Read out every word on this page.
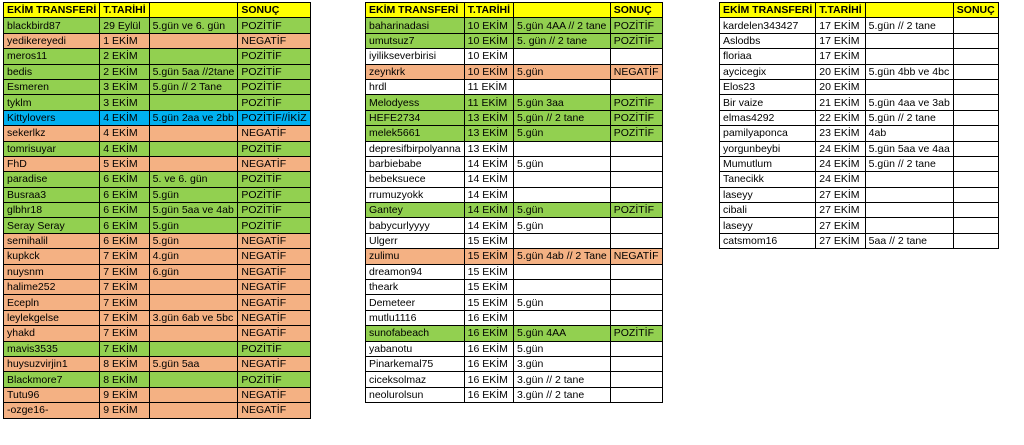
EKİM TRANSFERİ	T.TARİHİ		SONUÇ
blackbird87	29 Eylül	5.gün ve 6. gün	POZİTİF
yedikereyedi	1 EKİM		NEGATİF
meros11	2 EKİM		POZİTİF
bedis	2 EKİM	5.gün 5aa //2tane	POZİTİF
Esmeren	3 EKİM	5.gün // 2 Tane	POZİTİF
tyklm	3 EKİM		POZİTİF
Kittylovers	4 EKİM	5.gün 2aa ve 2bb	POZİTİF//İKİZ
sekerlkz	4 EKİM		NEGATİF
tomrisuyar	4 EKİM		POZİTİF
FhD	5 EKİM		NEGATİF
paradise	6 EKİM	5. ve 6. gün	POZİTİF
Busraa3	6 EKİM	5.gün	POZİTİF
glbhr18	6 EKİM	5.gün 5aa ve 4ab	POZİTİF
Seray Seray	6 EKİM	5.gün	POZİTİF
semihalil	6 EKİM	5.gün	NEGATİF
kupkck	7 EKİM	4.gün	NEGATİF
nuysnm	7 EKİM	6.gün	NEGATİF
halime252	7 EKİM		NEGATİF
Ecepln	7 EKİM		NEGATİF
leylekgelse	7 EKİM	3.gün 6ab ve 5bc	NEGATİF
yhakd	7 EKİM		NEGATİF
mavis3535	7 EKİM		POZİTİF
huysuzvirjin1	8 EKİM	5.gün 5aa	NEGATİF
Blackmore7	8 EKİM		POZİTİF
Tutu96	9 EKİM		NEGATİF
-ozge16-	9 EKİM		NEGATİF
EKİM TRANSFERİ	T.TARİHİ		SONUÇ
baharinadasi	10 EKİM	5.gün 4AA // 2 tane	POZİTİF
umutsuz7	10 EKİM	5. gün // 2 tane	POZİTİF
iyilikseverbirisi	10 EKİM		
zeynkrk	10 EKİM	5.gün	NEGATİF
hrdl	11 EKİM		
Melodyess	11 EKİM	5.gün 3aa	POZİTİF
HEFE2734	13 EKİM	5.gün // 2 tane	POZİTİF
melek5661	13 EKİM	5.gün	POZİTİF
depresifbirpolyanna	13 EKİM		
barbiebabe	14 EKİM	5.gün	
bebeksuece	14 EKİM		
rrumuzyokk	14 EKİM		
Gantey	14 EKİM	5.gün	POZİTİF
babycurlyyyy	14 EKİM	5.gün	
Ulgerr	15 EKİM		
zulimu	15 EKİM	5.gün 4ab // 2 Tane	NEGATİF
dreamon94	15 EKİM		
theark	15 EKİM		
Demeteer	15 EKİM	5.gün	
mutlu1116	16 EKİM		
sunofabeach	16 EKİM	5.gün 4AA	POZİTİF
yabanotu	16 EKİM	5.gün	
Pinarkemal75	16 EKİM	3.gün	
ciceksolmaz	16 EKİM	3.gün // 2 tane	
neolurolsun	16 EKİM	3.gün // 2 tane	
EKİM TRANSFERİ	T.TARİHİ		SONUÇ
kardelen343427	17 EKİM	5.gün // 2 tane	
Aslodbs	17 EKİM		
floriaa	17 EKİM		
aycicegix	20 EKİM	5.gün 4bb ve 4bc	
Elos23	20 EKİM		
Bir vaize	21 EKİM	5.gün 4aa ve 3ab	
elmas4292	22 EKİM	5.gün // 2 tane	
pamilyaponca	23 EKİM	4ab	
yorgunbeybi	24 EKİM	5.gün 5aa ve 4aa	
Mumutlum	24 EKİM	5.gün // 2 tane	
Tanecikk	24 EKİM		
laseyy	27 EKİM		
cibali	27 EKİM		
laseyy	27 EKİM		
catsmom16	27 EKİM	5aa // 2 tane	
